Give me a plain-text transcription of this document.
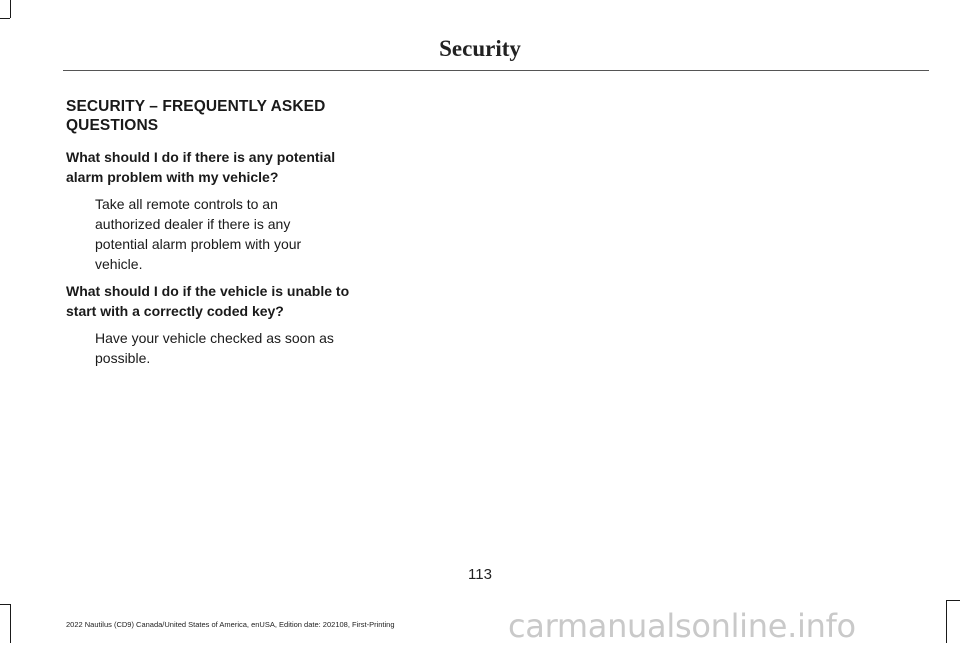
Security
SECURITY – FREQUENTLY ASKED QUESTIONS

What should I do if there is any potential alarm problem with my vehicle?

Take all remote controls to an authorized dealer if there is any potential alarm problem with your vehicle.

What should I do if the vehicle is unable to start with a correctly coded key?

Have your vehicle checked as soon as possible.

113
2022 Nautilus (CD9) Canada/United States of America, enUSA, Edition date: 202108, First-Printing	carmanualsonline.info
